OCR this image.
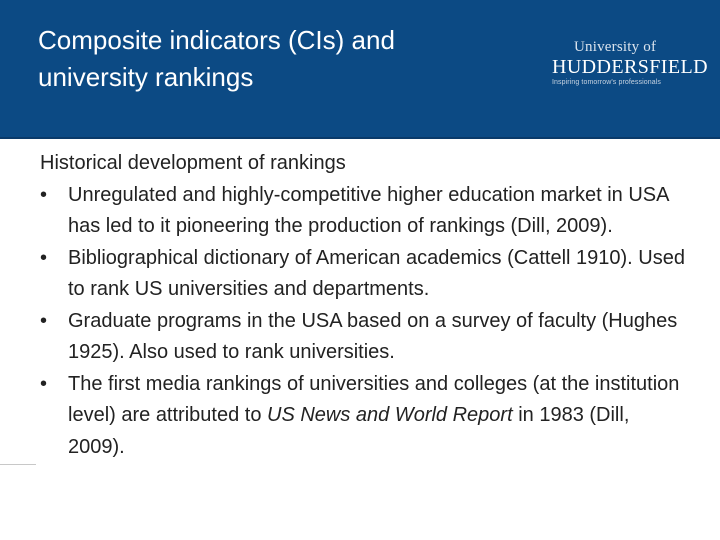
Composite indicators (CIs) and
university rankings
University of
HUDDERSFIELD
Inspiring tomorrow's professionals

Historical development of rankings

• Unregulated and highly-competitive higher education market in USA has led to it pioneering the production of rankings (Dill, 2009).
• Bibliographical dictionary of American academics (Cattell 1910). Used to rank US universities and departments.
• Graduate programs in the USA based on a survey of faculty (Hughes 1925). Also used to rank universities.
• The first media rankings of universities and colleges (at the institution level) are attributed to US News and World Report in 1983 (Dill, 2009).
